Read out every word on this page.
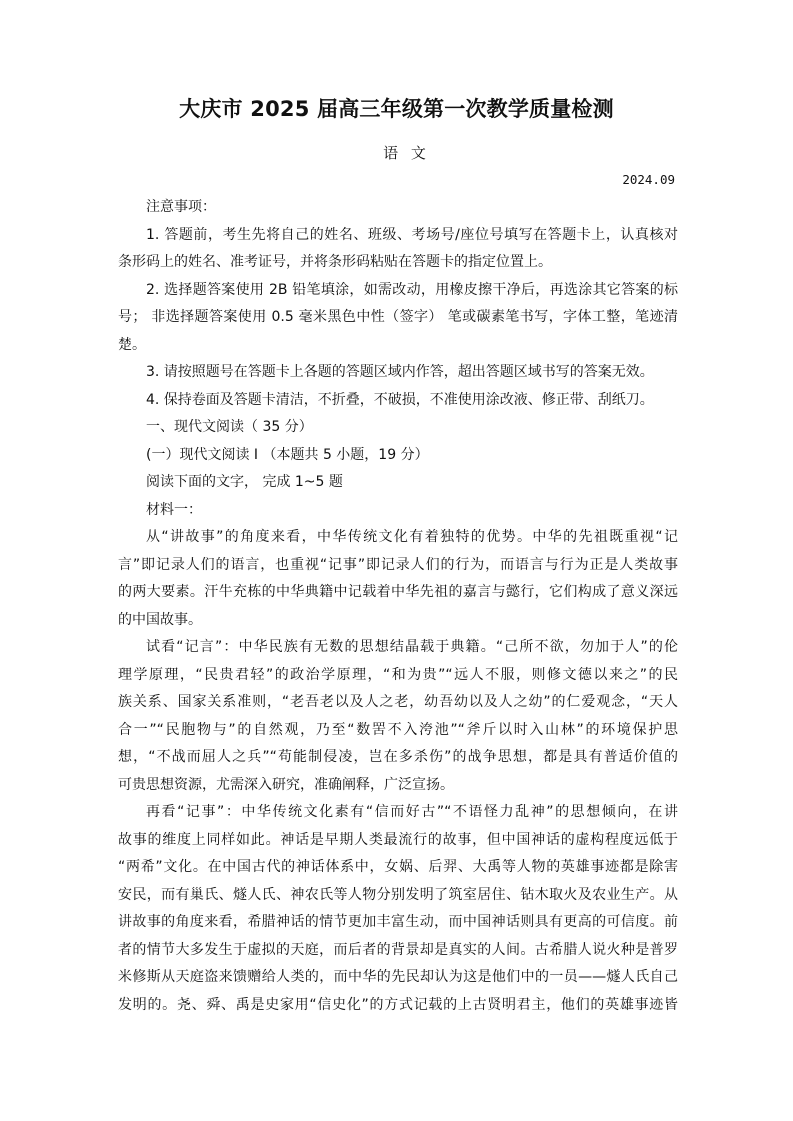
大庆市 2025 届高三年级第一次教学质量检测
语 文
2024.09
注意事项：
1. 答题前，考生先将自己的姓名、班级、考场号/座位号填写在答题卡上，认真核对
条形码上的姓名、准考证号，并将条形码粘贴在答题卡的指定位置上。
2. 选择题答案使用 2B 铅笔填涂，如需改动，用橡皮擦干净后，再选涂其它答案的标
号； 非选择题答案使用 0.5 毫米黑色中性（签字） 笔或碳素笔书写，字体工整，笔迹清
楚。
3. 请按照题号在答题卡上各题的答题区域内作答，超出答题区域书写的答案无效。
4. 保持卷面及答题卡清洁，不折叠，不破损，不准使用涂改液、修正带、刮纸刀。
一、现代文阅读（ 35 分）
(一）现代文阅读 I （本题共 5 小题，19 分）
阅读下面的文字， 完成 1~5 题
材料一：
从“讲故事”的角度来看，中华传统文化有着独特的优势。中华的先祖既重视“记
言”即记录人们的语言，也重视“记事”即记录人们的行为，而语言与行为正是人类故事
的两大要素。汗牛充栋的中华典籍中记载着中华先祖的嘉言与懿行，它们构成了意义深远
的中国故事。
试看“记言”：中华民族有无数的思想结晶载于典籍。“己所不欲，勿加于人”的伦
理学原理，“民贵君轻”的政治学原理，“和为贵”“远人不服，则修文德以来之”的民
族关系、国家关系准则，“老吾老以及人之老，幼吾幼以及人之幼”的仁爱观念，“天人
合一”“民胞物与”的自然观，乃至“数罟不入洿池”“斧斤以时入山林”的环境保护思
想，“不战而屈人之兵”“苟能制侵凌，岂在多杀伤”的战争思想，都是具有普适价值的
可贵思想资源，尤需深入研究，准确阐释，广泛宣扬。
再看“记事”：中华传统文化素有“信而好古”“不语怪力乱神”的思想倾向，在讲
故事的维度上同样如此。神话是早期人类最流行的故事，但中国神话的虚构程度远低于
“两希”文化。在中国古代的神话体系中，女娲、后羿、大禹等人物的英雄事迹都是除害
安民，而有巢氏、燧人氏、神农氏等人物分别发明了筑室居住、钻木取火及农业生产。从
讲故事的角度来看，希腊神话的情节更加丰富生动，而中国神话则具有更高的可信度。前
者的情节大多发生于虚拟的天庭，而后者的背景却是真实的人间。古希腊人说火种是普罗
米修斯从天庭盗来馈赠给人类的，而中华的先民却认为这是他们中的一员——燧人氏自己
发明的。尧、舜、禹是史家用“信史化”的方式记载的上古贤明君主，他们的英雄事迹皆
